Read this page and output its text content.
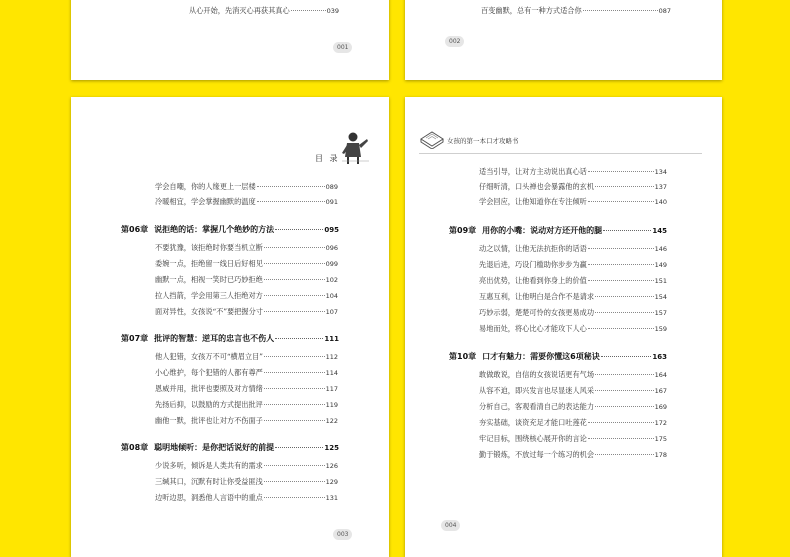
从心开始，先消灭心再获其真心	039
001
百变幽默，总有一种方式适合你	087
002
目 录
学会自嘲，你的人缘更上一层楼	089
冷暖相宜，学会掌握幽默的温度	091
第06章 说拒绝的话：掌握几个绝妙的方法	095
不要犹豫，该拒绝时你要当机立断	096
委婉一点，拒绝留一线日后好相见	099
幽默一点，相视一笑时已巧妙拒绝	102
拉人挡箭，学会用第三人拒绝对方	104
面对异性，女孩说“不”要把握分寸	107
第07章 批评的智慧：逆耳的忠言也不伤人	111
他人犯错，女孩万不可“横眉立目”	112
小心维护，每个犯错的人都有尊严	114
恩威并用，批评也要照及对方情绪	117
先扬后抑，以鼓励的方式提出批评	119
幽他一默，批评也让对方不伤面子	122
第08章 聪明地倾听：是你把话说好的前提	125
少说多听，倾诉是人类共有的需求	126
三缄其口，沉默有时让你受益匪浅	129
边听边思，洞悉他人言语中的重点	131
003
女孩的第一本口才攻略书
适当引导，让对方主动说出真心话	134
仔细听清，口头禅也会暴露他的玄机	137
学会回应，让他知道你在专注倾听	140
第09章 用你的小嘴：说动对方还开他的腿	145
动之以情，让他无法抗拒你的话语	146
先退后进，巧设门槛助你步步为赢	149
亮出优势，让他看到你身上的价值	151
互惠互利，让他明白是合作不是请求	154
巧妙示弱，楚楚可怜的女孩更易成功	157
易地而处，将心比心才能攻下人心	159
第10章 口才有魅力：需要你懂这6项秘诀	163
敢做敢说，自信的女孩说话更有气场	164
从容不迫，即兴发言也尽显迷人风采	167
分析自己，客观看清自己的表达能力	169
夯实基础，谈资充足才能口吐莲花	172
牢记目标，围绕核心展开你的言论	175
勤于锻炼，不放过每一个练习的机会	178
004
